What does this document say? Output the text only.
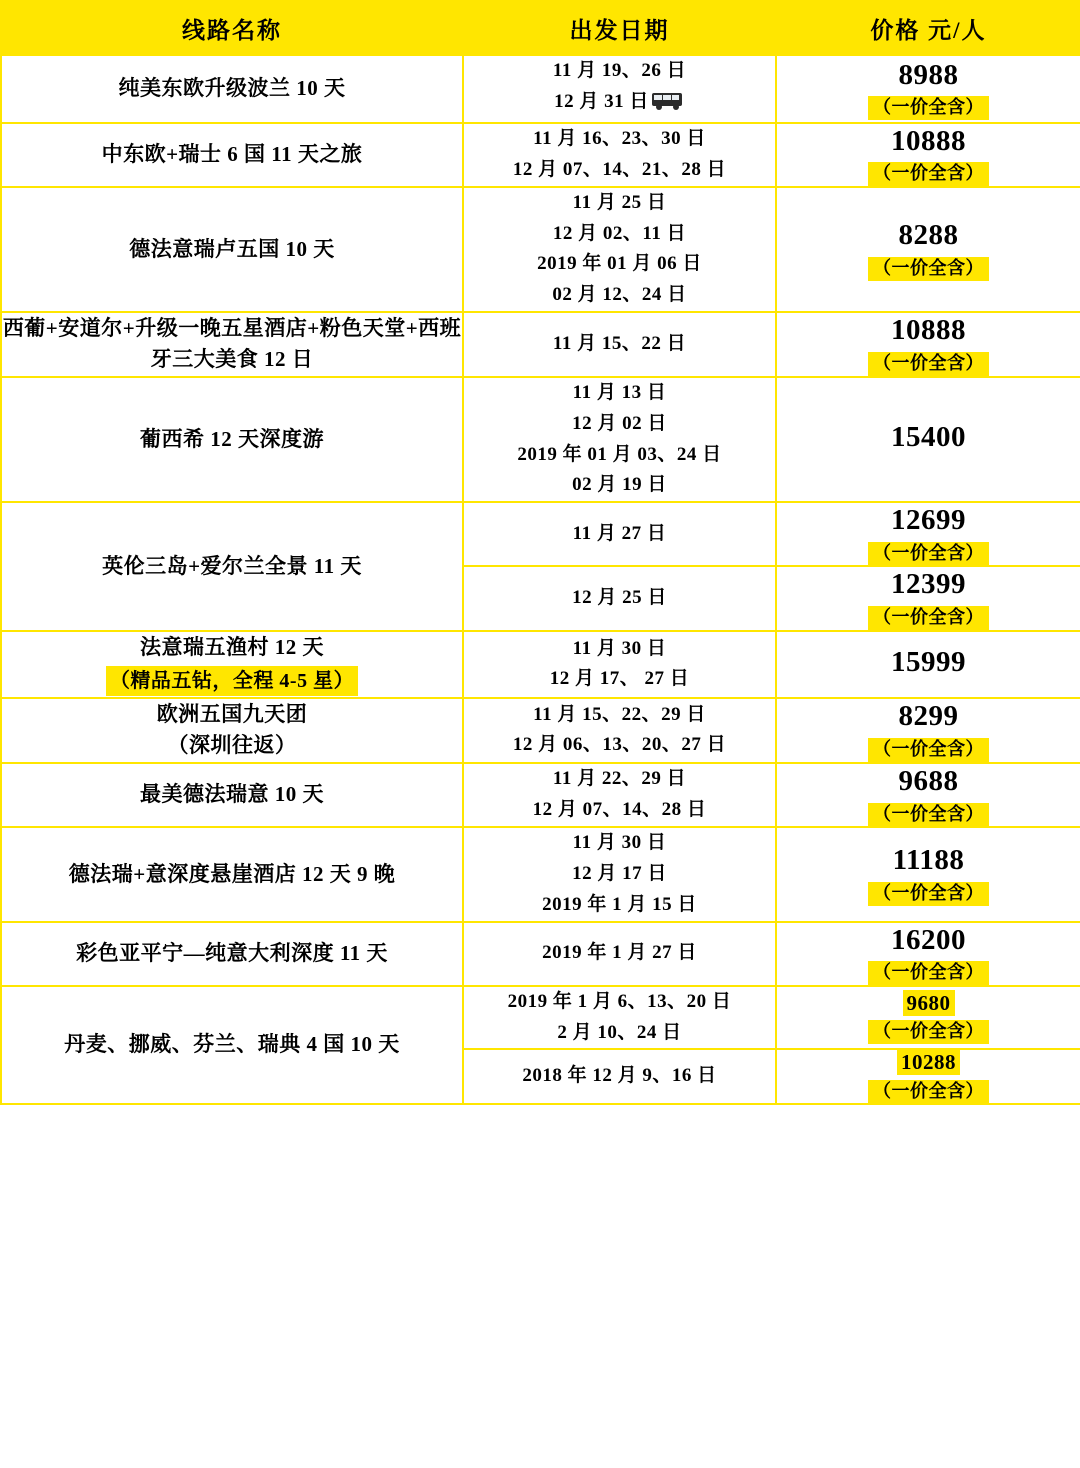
线路名称	出发日期	价格 元/人

纯美东欧升级波兰 10 天	11 月 19、26 日
12 月 31 日	8988
（一价全含）

中东欧+瑞士 6 国 11 天之旅	11 月 16、23、30 日
12 月 07、14、21、28 日	10888
（一价全含）

德法意瑞卢五国 10 天	11 月 25 日
12 月 02、11 日
2019 年 01 月 06 日
02 月 12、24 日	8288
（一价全含）

西葡+安道尔+升级一晚五星酒店+粉色天堂+西班牙三大美食 12 日	11 月 15、22 日	10888
（一价全含）

葡西希 12 天深度游	11 月 13 日
12 月 02 日
2019 年 01 月 03、24 日
02 月 19 日	15400

英伦三岛+爱尔兰全景 11 天	11 月 27 日	12699
（一价全含）

	12 月 25 日	12399
（一价全含）

法意瑞五渔村 12 天
（精品五钻，全程 4-5 星）	11 月 30 日
12 月 17、 27 日	15999

欧洲五国九天团
（深圳往返）	11 月 15、22、29 日
12 月 06、13、20、27 日	8299
（一价全含）

最美德法瑞意 10 天	11 月 22、29 日
12 月 07、14、28 日	9688
（一价全含）

德法瑞+意深度悬崖酒店 12 天 9 晚	11 月 30 日
12 月 17 日
2019 年 1 月 15 日	11188
（一价全含）

彩色亚平宁—纯意大利深度 11 天	2019 年 1 月 27 日	16200
（一价全含）

丹麦、挪威、芬兰、瑞典 4 国 10 天	2019 年 1 月 6、13、20 日
2 月 10、24 日	9680
（一价全含）

	2018 年 12 月 9、16 日	10288
（一价全含）
